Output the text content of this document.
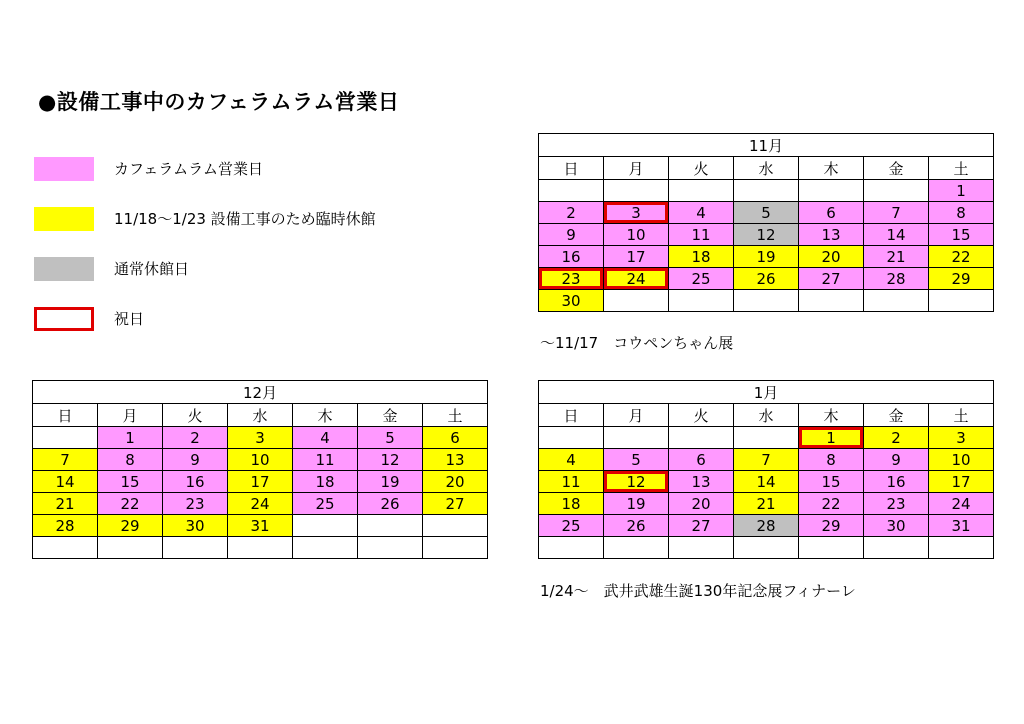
●設備工事中のカフェラムラム営業日
カフェラムラム営業日
11/18～1/23 設備工事のため臨時休館
通常休館日
祝日
11月						
日	月	火	水	木	金	土
						1
2	3	4	5	6	7	8
9	10	11	12	13	14	15
16	17	18	19	20	21	22
23	24	25	26	27	28	29
30						
～11/17　コウペンちゃん展
12月						
日	月	火	水	木	金	土
	1	2	3	4	5	6
7	8	9	10	11	12	13
14	15	16	17	18	19	20
21	22	23	24	25	26	27
28	29	30	31			

1月						
日	月	火	水	木	金	土
				1	2	3
4	5	6	7	8	9	10
11	12	13	14	15	16	17
18	19	20	21	22	23	24
25	26	27	28	29	30	31

1/24～　武井武雄生誕130年記念展フィナーレ
